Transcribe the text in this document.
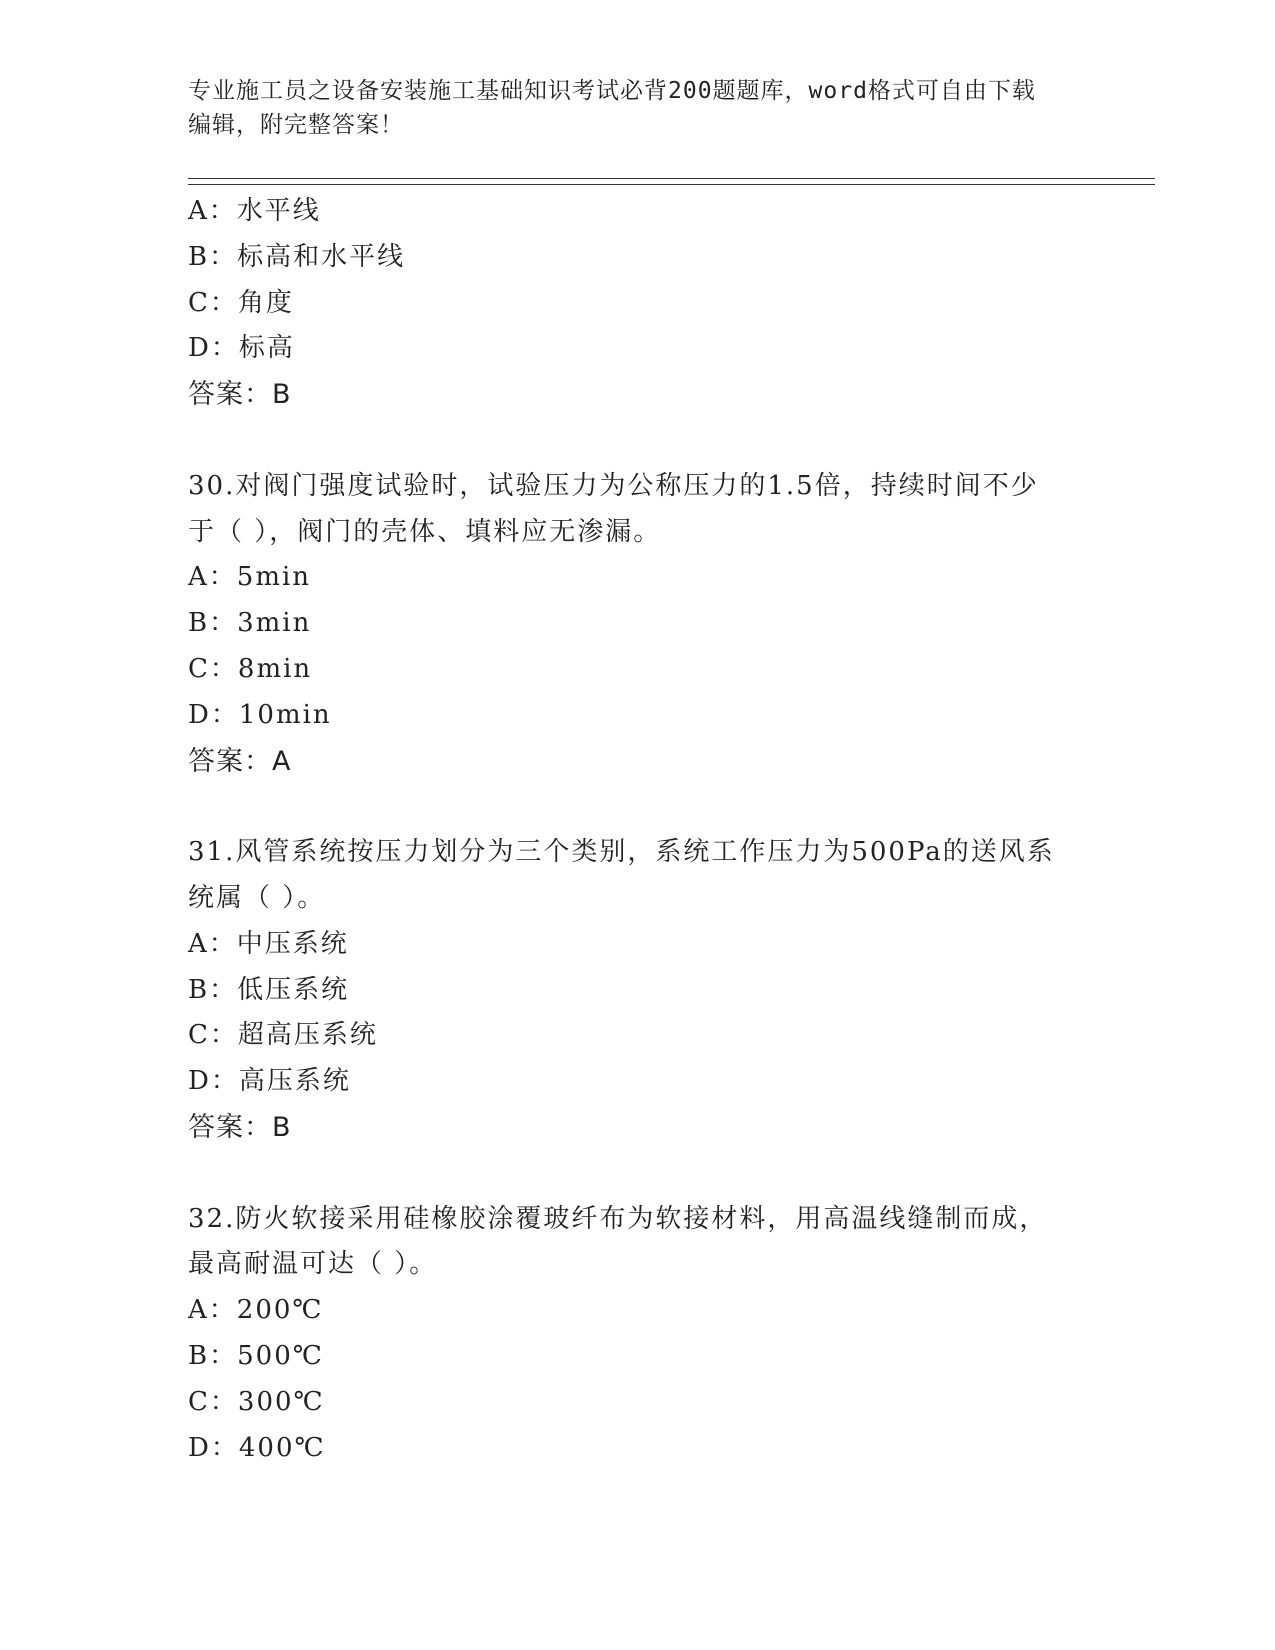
专业施工员之设备安装施工基础知识考试必背200题题库，word格式可自由下载
编辑，附完整答案！
A：水平线
B：标高和水平线
C：角度
D：标高
答案：B
30.对阀门强度试验时，试验压力为公称压力的1.5倍，持续时间不少
于（ ），阀门的壳体、填料应无渗漏。
A：5min
B：3min
C：8min
D：10min
答案：A
31.风管系统按压力划分为三个类别，系统工作压力为500Pa的送风系
统属（ ）。
A：中压系统
B：低压系统
C：超高压系统
D：高压系统
答案：B
32.防火软接采用硅橡胶涂覆玻纤布为软接材料，用高温线缝制而成，
最高耐温可达（ ）。
A：200℃
B：500℃
C：300℃
D：400℃
